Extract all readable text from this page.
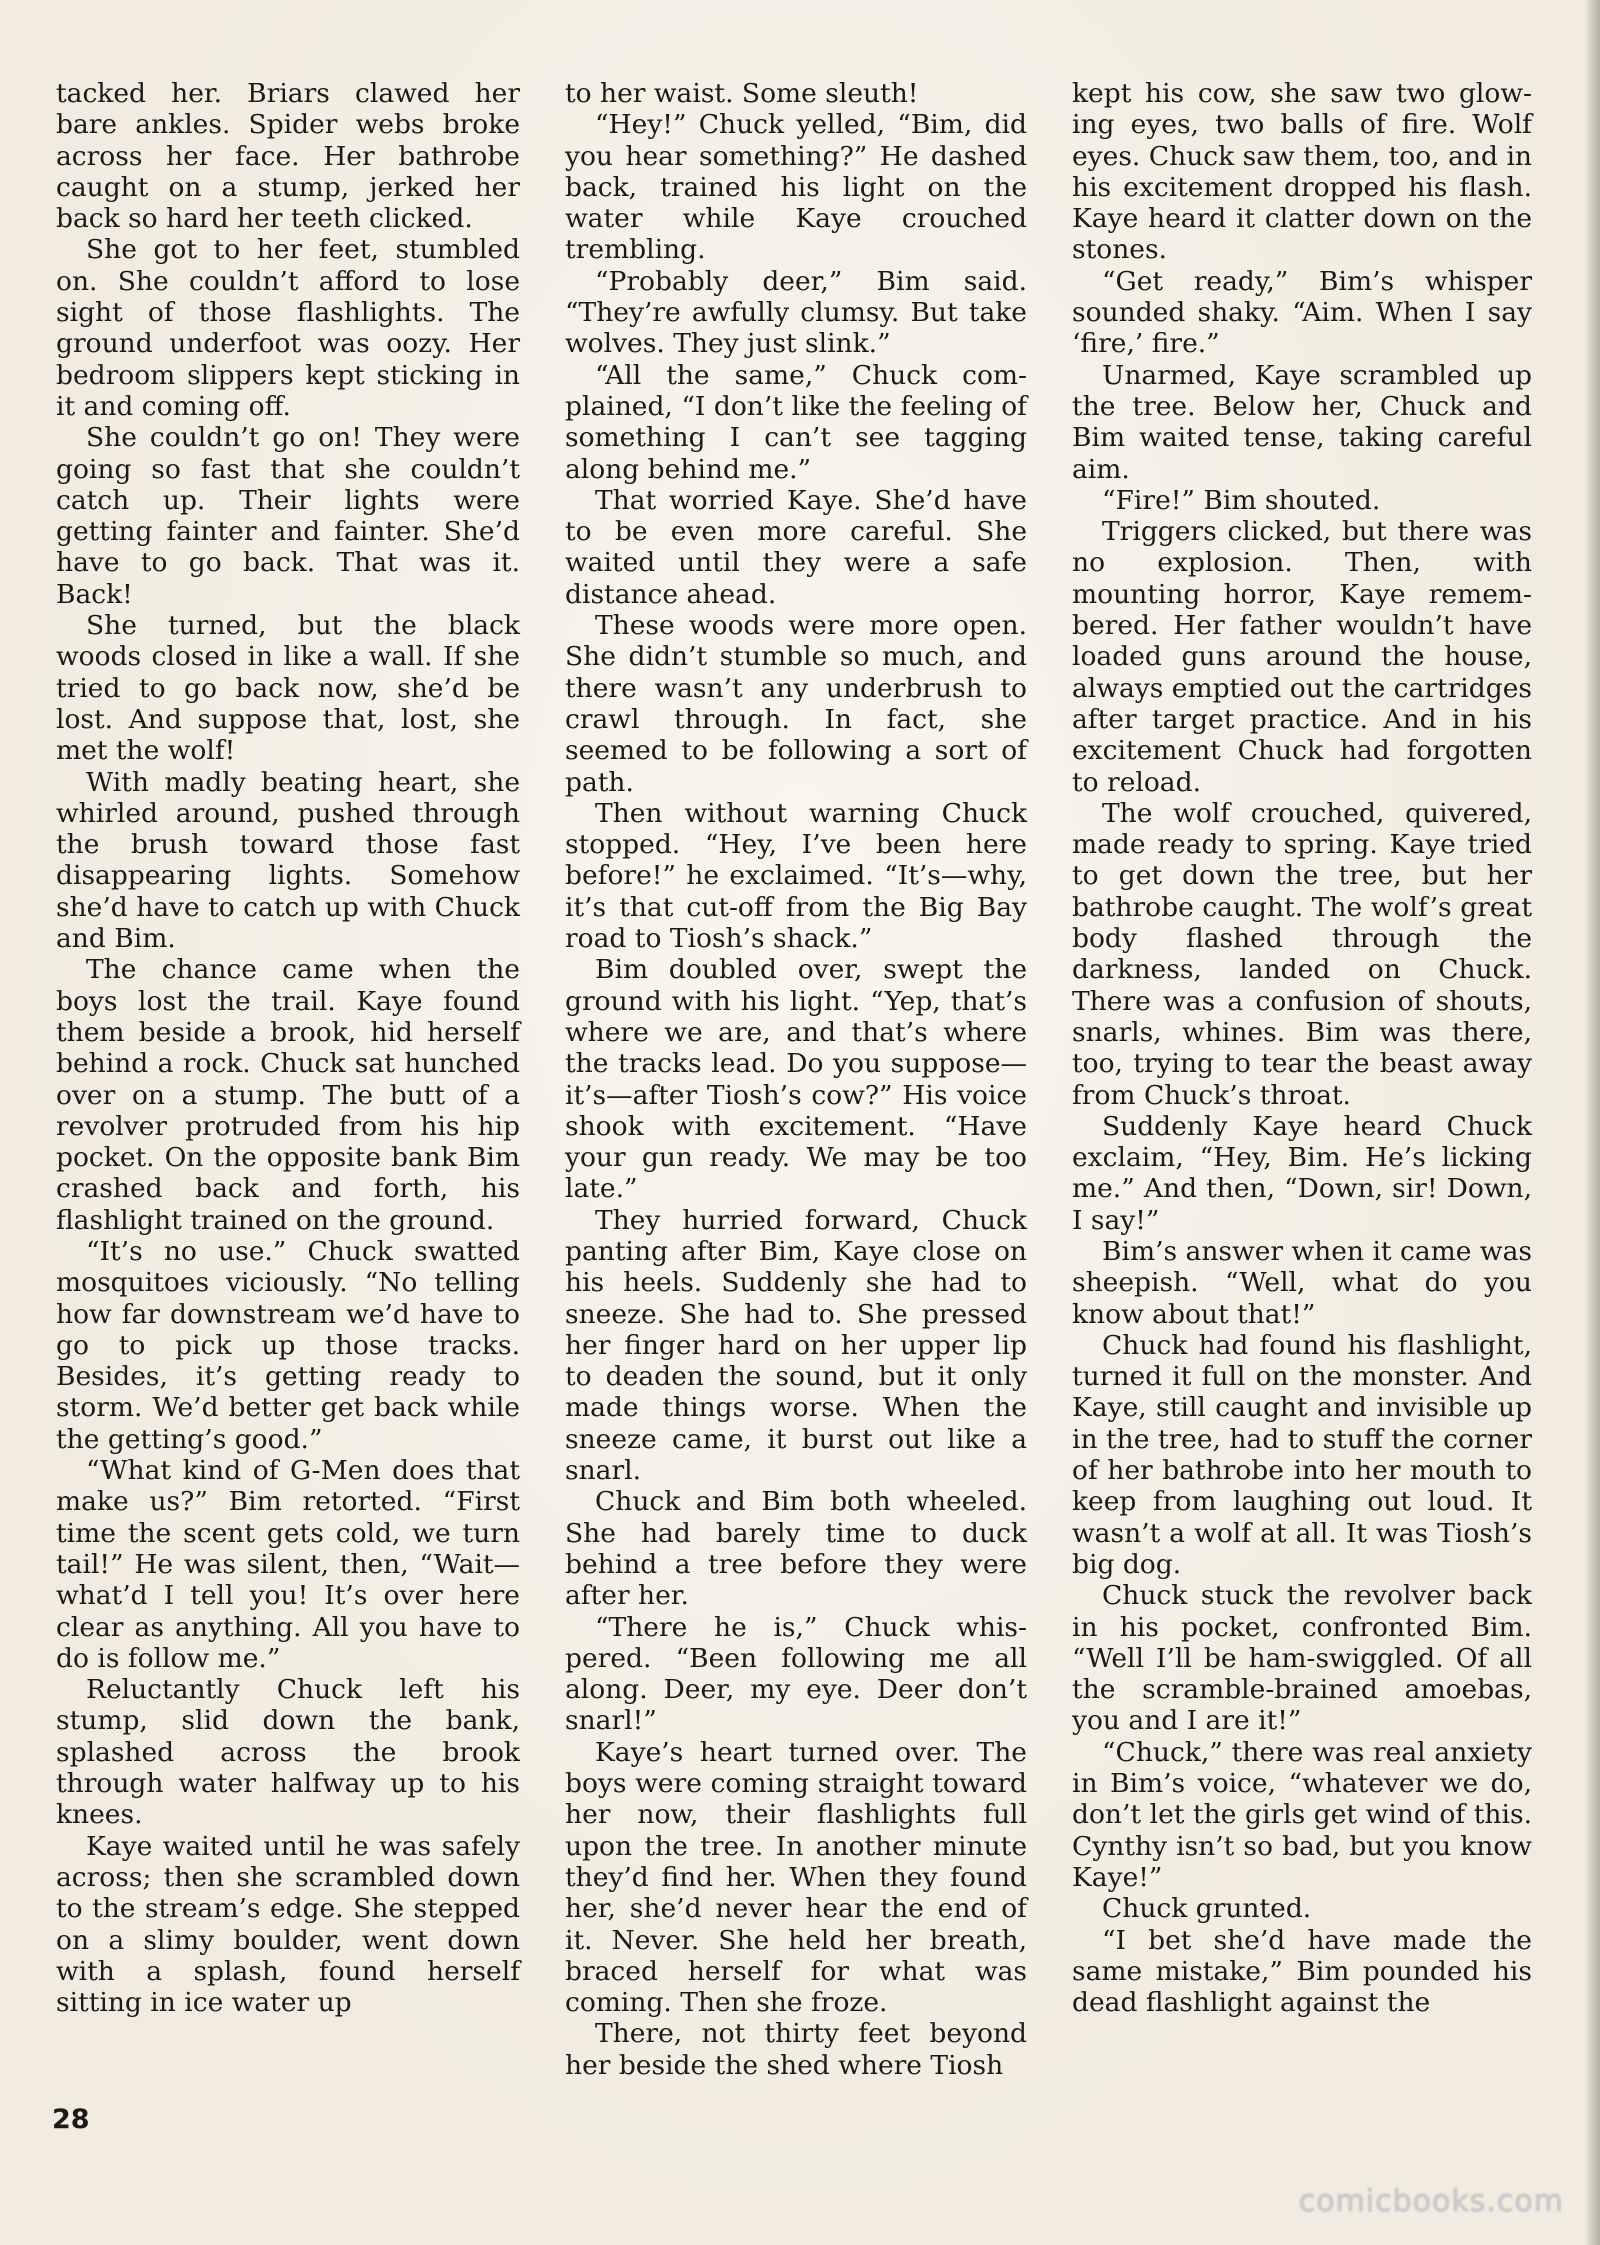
tacked her. Briars clawed her bare ankles. Spider webs broke across her face. Her bathrobe caught on a stump, jerked her back so hard her teeth clicked.

She got to her feet, stumbled on. She couldn’t afford to lose sight of those flashlights. The ground underfoot was oozy. Her bedroom slippers kept sticking in it and coming off.

She couldn’t go on! They were going so fast that she couldn’t catch up. Their lights were getting fainter and fainter. She’d have to go back. That was it. Back!

She turned, but the black woods closed in like a wall. If she tried to go back now, she’d be lost. And suppose that, lost, she met the wolf!

With madly beating heart, she whirled around, pushed through the brush toward those fast disappearing lights. Somehow she’d have to catch up with Chuck and Bim.

The chance came when the boys lost the trail. Kaye found them beside a brook, hid herself behind a rock. Chuck sat hunched over on a stump. The butt of a revolver protruded from his hip pocket. On the opposite bank Bim crashed back and forth, his flashlight trained on the ground.

“It’s no use.” Chuck swatted mosquitoes viciously. “No telling how far downstream we’d have to go to pick up those tracks. Besides, it’s getting ready to storm. We’d better get back while the getting’s good.”

“What kind of G-Men does that make us?” Bim retorted. “First time the scent gets cold, we turn tail!” He was silent, then, “Wait—what’d I tell you! It’s over here clear as anything. All you have to do is follow me.”

Reluctantly Chuck left his stump, slid down the bank, splashed across the brook through water halfway up to his knees.

Kaye waited until he was safely across; then she scrambled down to the stream’s edge. She stepped on a slimy boulder, went down with a splash, found herself sitting in ice water up

to her waist. Some sleuth!

“Hey!” Chuck yelled, “Bim, did you hear something?” He dashed back, trained his light on the water while Kaye crouched trembling.

“Probably deer,” Bim said. “They’re awfully clumsy. But take wolves. They just slink.”

“All the same,” Chuck complained, “I don’t like the feeling of something I can’t see tagging along behind me.”

That worried Kaye. She’d have to be even more careful. She waited until they were a safe distance ahead.

These woods were more open. She didn’t stumble so much, and there wasn’t any underbrush to crawl through. In fact, she seemed to be following a sort of path.

Then without warning Chuck stopped. “Hey, I’ve been here before!” he exclaimed. “It’s—why, it’s that cut-off from the Big Bay road to Tiosh’s shack.”

Bim doubled over, swept the ground with his light. “Yep, that’s where we are, and that’s where the tracks lead. Do you suppose—it’s—after Tiosh’s cow?” His voice shook with excitement. “Have your gun ready. We may be too late.”

They hurried forward, Chuck panting after Bim, Kaye close on his heels. Suddenly she had to sneeze. She had to. She pressed her finger hard on her upper lip to deaden the sound, but it only made things worse. When the sneeze came, it burst out like a snarl.

Chuck and Bim both wheeled. She had barely time to duck behind a tree before they were after her.

“There he is,” Chuck whispered. “Been following me all along. Deer, my eye. Deer don’t snarl!”

Kaye’s heart turned over. The boys were coming straight toward her now, their flashlights full upon the tree. In another minute they’d find her. When they found her, she’d never hear the end of it. Never. She held her breath, braced herself for what was coming. Then she froze.

There, not thirty feet beyond her beside the shed where Tiosh

kept his cow, she saw two glowing eyes, two balls of fire. Wolf eyes. Chuck saw them, too, and in his excitement dropped his flash. Kaye heard it clatter down on the stones.

“Get ready,” Bim’s whisper sounded shaky. “Aim. When I say ‘fire,’ fire.”

Unarmed, Kaye scrambled up the tree. Below her, Chuck and Bim waited tense, taking careful aim.

“Fire!” Bim shouted.

Triggers clicked, but there was no explosion. Then, with mounting horror, Kaye remembered. Her father wouldn’t have loaded guns around the house, always emptied out the cartridges after target practice. And in his excitement Chuck had forgotten to reload.

The wolf crouched, quivered, made ready to spring. Kaye tried to get down the tree, but her bathrobe caught. The wolf’s great body flashed through the darkness, landed on Chuck. There was a confusion of shouts, snarls, whines. Bim was there, too, trying to tear the beast away from Chuck’s throat.

Suddenly Kaye heard Chuck exclaim, “Hey, Bim. He’s licking me.” And then, “Down, sir! Down, I say!”

Bim’s answer when it came was sheepish. “Well, what do you know about that!”

Chuck had found his flashlight, turned it full on the monster. And Kaye, still caught and invisible up in the tree, had to stuff the corner of her bathrobe into her mouth to keep from laughing out loud. It wasn’t a wolf at all. It was Tiosh’s big dog.

Chuck stuck the revolver back in his pocket, confronted Bim. “Well I’ll be ham-swiggled. Of all the scramble-brained amoebas, you and I are it!”

“Chuck,” there was real anxiety in Bim’s voice, “whatever we do, don’t let the girls get wind of this. Cynthy isn’t so bad, but you know Kaye!”

Chuck grunted.

“I bet she’d have made the same mistake,” Bim pounded his dead flashlight against the

28
comicbooks.com
